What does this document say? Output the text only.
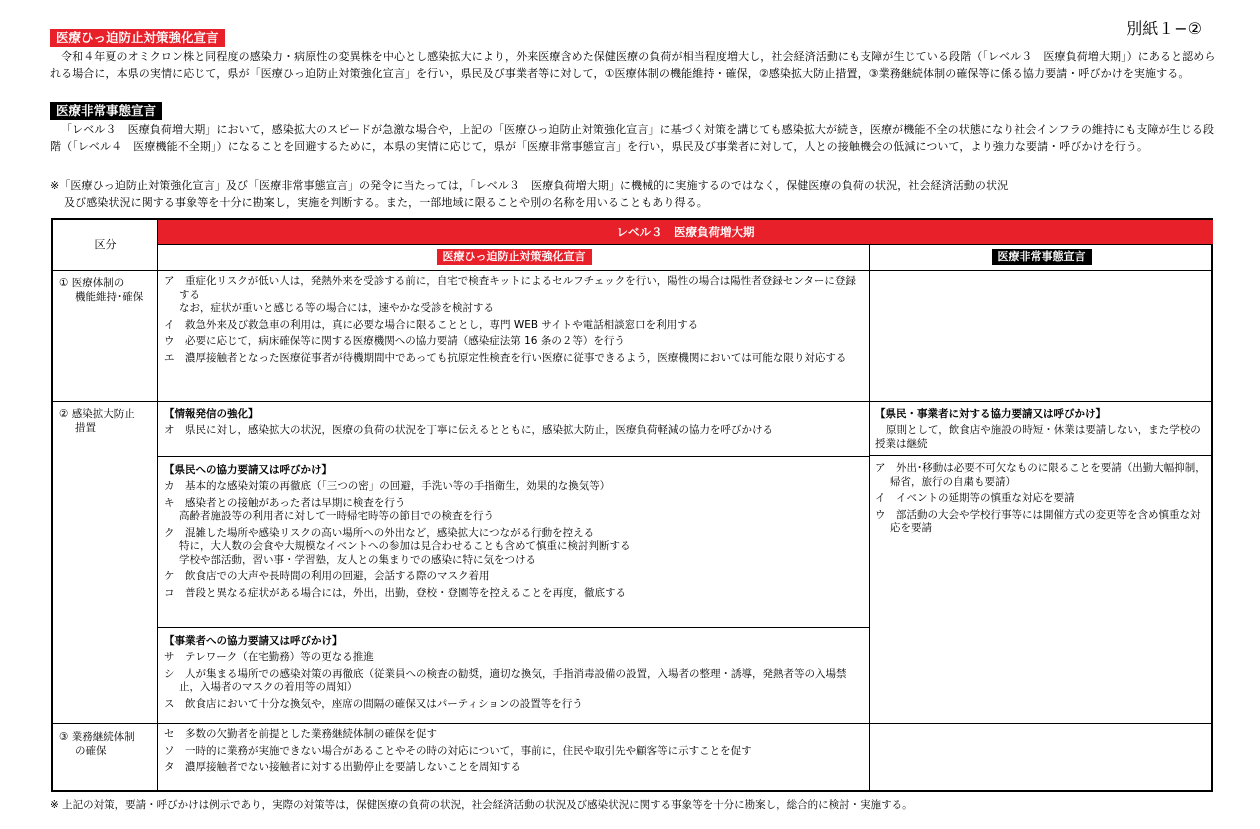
別紙１−②
医療ひっ迫防止対策強化宣言

令和４年夏のオミクロン株と同程度の感染力・病原性の変異株を中心とし感染拡大により，外来医療含めた保健医療の負荷が相当程度増大し，社会経済活動にも支障が生じている段階（「レベル３　医療負荷増大期」）にあると認められる場合に，本県の実情に応じて，県が「医療ひっ迫防止対策強化宣言」を行い，県民及び事業者等に対して，①医療体制の機能維持・確保，②感染拡大防止措置，③業務継続体制の確保等に係る協力要請・呼びかけを実施する。

医療非常事態宣言

「レベル３　医療負荷増大期」において，感染拡大のスピードが急激な場合や，上記の「医療ひっ迫防止対策強化宣言」に基づく対策を講じても感染拡大が続き，医療が機能不全の状態になり社会インフラの維持にも支障が生じる段階（「レベル４　医療機能不全期」）になることを回避するために，本県の実情に応じて，県が「医療非常事態宣言」を行い，県民及び事業者に対して，人との接触機会の低減について，より強力な要請・呼びかけを行う。

※「医療ひっ迫防止対策強化宣言」及び「医療非常事態宣言」の発令に当たっては，「レベル３　医療負荷増大期」に機械的に実施するのではなく，保健医療の負荷の状況，社会経済活動の状況

及び感染状況に関する事象等を十分に勘案し，実施を判断する。また，一部地域に限ることや別の名称を用いることもあり得る。

レベル３　医療負荷増大期
区分
医療ひっ迫防止対策強化宣言	医療非常事態宣言
① 医療体制の
機能維持･確保
② 感染拡大防止
措置
③ 業務継続体制
の確保
ア　重症化リスクが低い人は，発熱外来を受診する前に，自宅で検査キットによるセルフチェックを行い，陽性の場合は陽性者登録センターに登録する
なお，症状が重いと感じる等の場合には，速やかな受診を検討する
イ　救急外来及び救急車の利用は，真に必要な場合に限ることとし，専門 WEB サイトや電話相談窓口を利用する
ウ　必要に応じて，病床確保等に関する医療機関への協力要請（感染症法第 16 条の２等）を行う
エ　濃厚接触者となった医療従事者が待機期間中であっても抗原定性検査を行い医療に従事できるよう，医療機関においては可能な限り対応する
【情報発信の強化】
オ　県民に対し，感染拡大の状況，医療の負荷の状況を丁寧に伝えるとともに，感染拡大防止，医療負荷軽減の協力を呼びかける
【県民への協力要請又は呼びかけ】
カ　基本的な感染対策の再徹底（「三つの密」の回避，手洗い等の手指衛生，効果的な換気等）
キ　感染者との接触があった者は早期に検査を行う
高齢者施設等の利用者に対して一時帰宅時等の節目での検査を行う
ク　混雑した場所や感染リスクの高い場所への外出など，感染拡大につながる行動を控える
特に，大人数の会食や大規模なイベントへの参加は見合わせることも含めて慎重に検討判断する
学校や部活動，習い事・学習塾，友人との集まりでの感染に特に気をつける
ケ　飲食店での大声や長時間の利用の回避，会話する際のマスク着用
コ　普段と異なる症状がある場合には，外出，出勤，登校・登園等を控えることを再度，徹底する
【事業者への協力要請又は呼びかけ】
サ　テレワーク（在宅勤務）等の更なる推進
シ　人が集まる場所での感染対策の再徹底（従業員への検査の勧奨，適切な換気，手指消毒設備の設置，入場者の整理・誘導，発熱者等の入場禁止，入場者のマスクの着用等の周知）
ス　飲食店において十分な換気や，座席の間隔の確保又はパーティションの設置等を行う
【県民・事業者に対する協力要請又は呼びかけ】
原則として，飲食店や施設の時短・休業は要請しない，また学校の授業は継続
ア　外出･移動は必要不可欠なものに限ることを要請（出勤大幅抑制，帰省，旅行の自粛も要請）
イ　イベントの延期等の慎重な対応を要請
ウ　部活動の大会や学校行事等には開催方式の変更等を含め慎重な対応を要請
セ　多数の欠勤者を前提とした業務継続体制の確保を促す
ソ　一時的に業務が実施できない場合があることやその時の対応について，事前に，住民や取引先や顧客等に示すことを促す
タ　濃厚接触者でない接触者に対する出勤停止を要請しないことを周知する
※ 上記の対策，要請・呼びかけは例示であり，実際の対策等は，保健医療の負荷の状況，社会経済活動の状況及び感染状況に関する事象等を十分に勘案し，総合的に検討・実施する。
